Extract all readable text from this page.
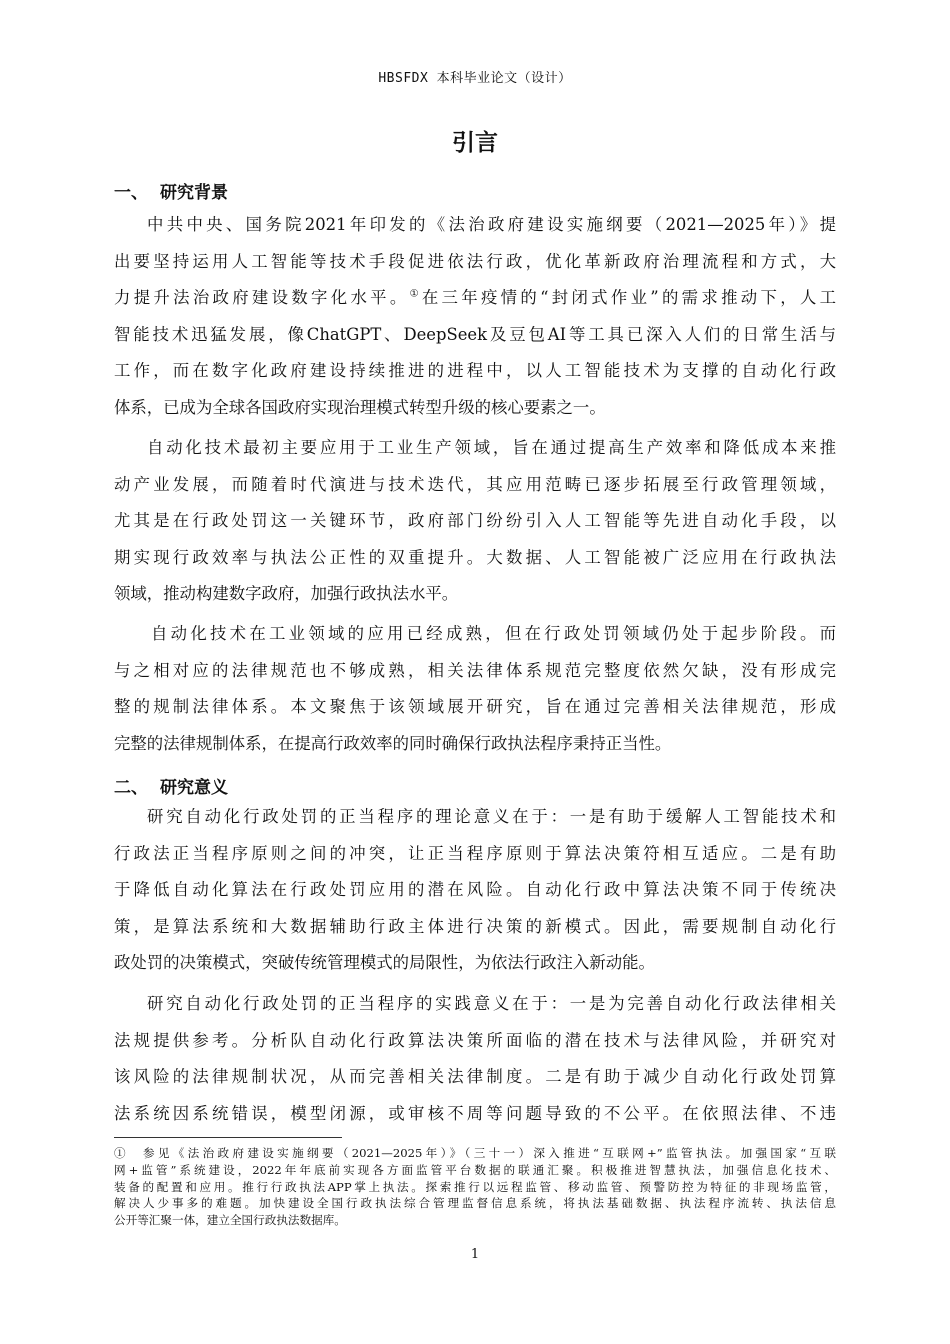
HBSFDX 本科毕业论文（设计）
引言
一、 研究背景
中共中央、国务院2021年印发的《法治政府建设实施纲要（2021—2025年）》提
出要坚持运用人工智能等技术手段促进依法行政，优化革新政府治理流程和方式，大
力提升法治政府建设数字化水平。①在三年疫情的“封闭式作业”的需求推动下，人工
智能技术迅猛发展，像ChatGPT、DeepSeek及豆包AI等工具已深入人们的日常生活与
工作，而在数字化政府建设持续推进的进程中，以人工智能技术为支撑的自动化行政
体系，已成为全球各国政府实现治理模式转型升级的核心要素之一。
自动化技术最初主要应用于工业生产领域，旨在通过提高生产效率和降低成本来推
动产业发展，而随着时代演进与技术迭代，其应用范畴已逐步拓展至行政管理领域，
尤其是在行政处罚这一关键环节，政府部门纷纷引入人工智能等先进自动化手段，以
期实现行政效率与执法公正性的双重提升。大数据、人工智能被广泛应用在行政执法
领域，推动构建数字政府，加强行政执法水平。
自动化技术在工业领域的应用已经成熟，但在行政处罚领域仍处于起步阶段。而
与之相对应的法律规范也不够成熟，相关法律体系规范完整度依然欠缺，没有形成完
整的规制法律体系。本文聚焦于该领域展开研究，旨在通过完善相关法律规范，形成
完整的法律规制体系，在提高行政效率的同时确保行政执法程序秉持正当性。
二、 研究意义
研究自动化行政处罚的正当程序的理论意义在于：一是有助于缓解人工智能技术和
行政法正当程序原则之间的冲突，让正当程序原则于算法决策符相互适应。二是有助
于降低自动化算法在行政处罚应用的潜在风险。自动化行政中算法决策不同于传统决
策，是算法系统和大数据辅助行政主体进行决策的新模式。因此，需要规制自动化行
政处罚的决策模式，突破传统管理模式的局限性，为依法行政注入新动能。
研究自动化行政处罚的正当程序的实践意义在于：一是为完善自动化行政法律相关
法规提供参考。分析队自动化行政算法决策所面临的潜在技术与法律风险，并研究对
该风险的法律规制状况，从而完善相关法律制度。二是有助于减少自动化行政处罚算
法系统因系统错误，模型闭源，或审核不周等问题导致的不公平。在依照法律、不违
① 参见《法治政府建设实施纲要（2021—2025年）》（三十一）深入推进“互联网+”监管执法。加强国家“互联
网+监管”系统建设，2022年年底前实现各方面监管平台数据的联通汇聚。积极推进智慧执法，加强信息化技术、
装备的配置和应用。推行行政执法APP掌上执法。探索推行以远程监管、移动监管、预警防控为特征的非现场监管，
解决人少事多的难题。加快建设全国行政执法综合管理监督信息系统，将执法基础数据、执法程序流转、执法信息
公开等汇聚一体，建立全国行政执法数据库。
1
